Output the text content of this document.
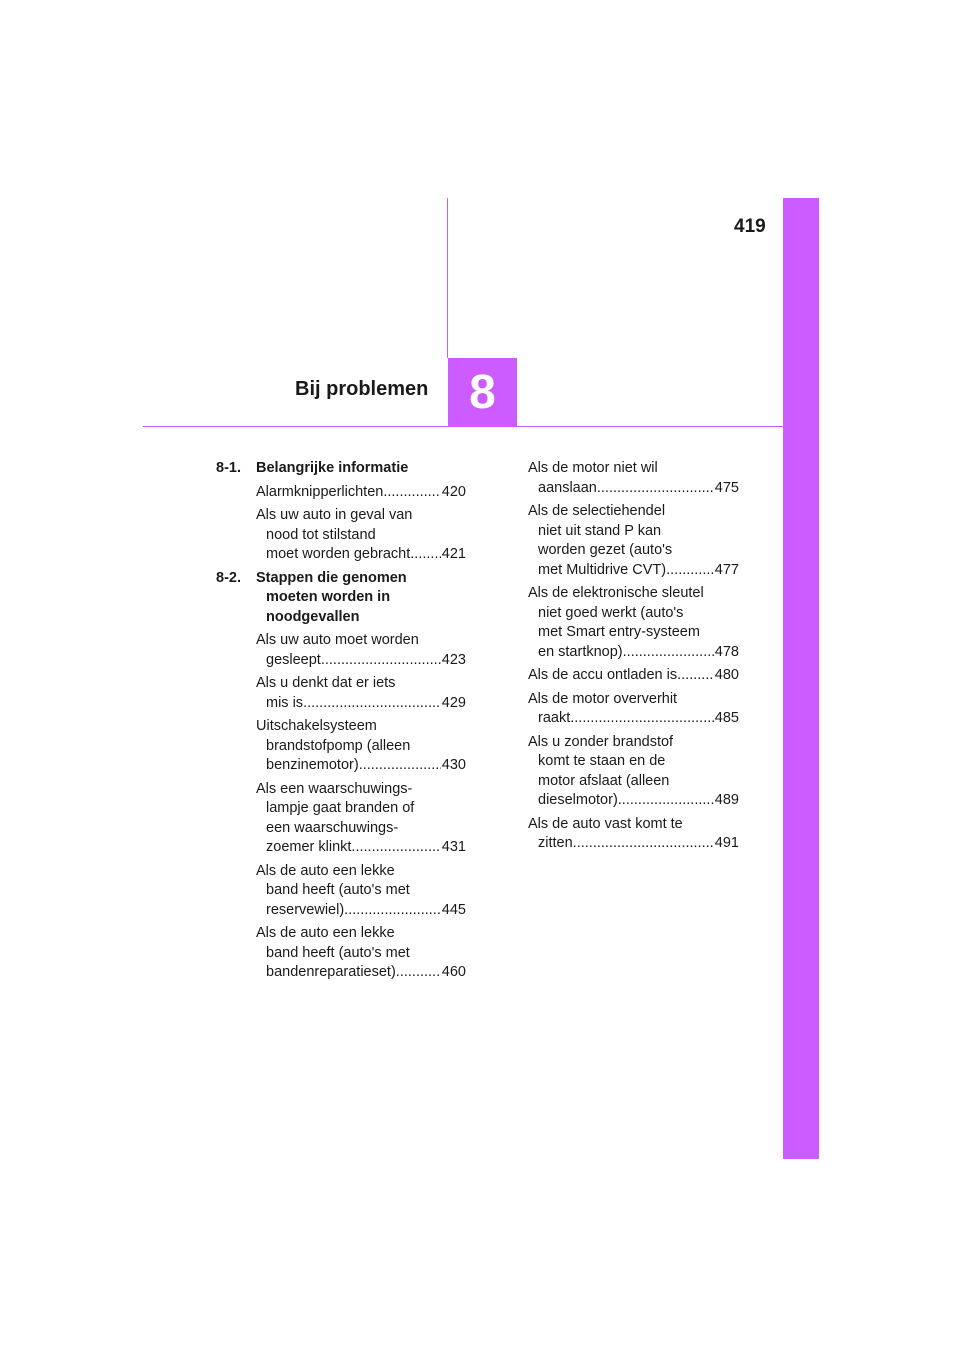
419
8
Bij problemen
8-1.	Belangrijke informatie
Alarmknipperlichten .....	420
Als uw auto in geval van
nood tot stilstand
moet worden gebracht ..... 421
8-2.	Stappen die genomen
moeten worden in
noodgevallen
Als uw auto moet worden
gesleept .....	423
Als u denkt dat er iets
mis is .....	429
Uitschakelsysteem
brandstofpomp (alleen
benzinemotor) .....	430
Als een waarschuwings-
lampje gaat branden of
een waarschuwings-
zoemer klinkt .....	431
Als de auto een lekke
band heeft (auto's met
reservewiel) .....	445
Als de auto een lekke
band heeft (auto's met
bandenreparatieset) .....	460
Als de motor niet wil
aanslaan .....	475
Als de selectiehendel
niet uit stand P kan
worden gezet (auto's
met Multidrive CVT) .....	477
Als de elektronische sleutel
niet goed werkt (auto's
met Smart entry-systeem
en startknop) .....	478
Als de accu ontladen is .....	480
Als de motor oververhit
raakt .....	485
Als u zonder brandstof
komt te staan en de
motor afslaat (alleen
dieselmotor) .....	489
Als de auto vast komt te
zitten .....	491
